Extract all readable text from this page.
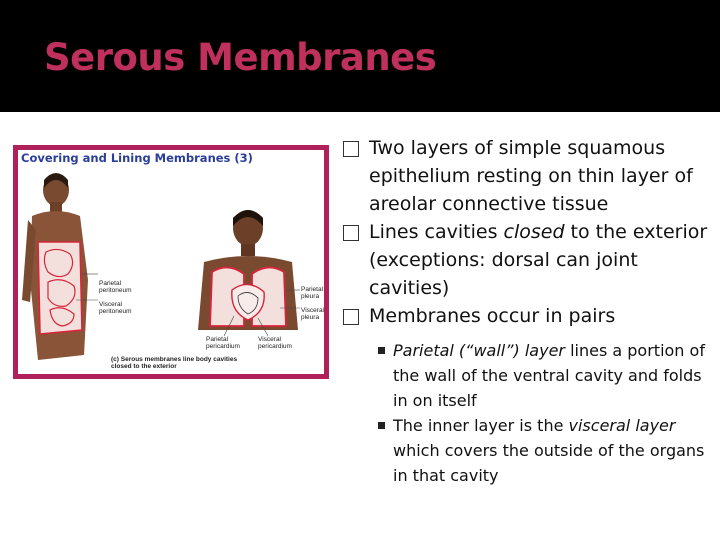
Serous Membranes
Covering and Lining Membranes (3)
Parietal
peritoneum
Visceral
peritoneum
Parietal
pleura
Visceral
pleura
Parietal
pericardium
Visceral
pericardium
(c) Serous membranes line body cavities
closed to the exterior
Two layers of simple squamous epithelium resting on thin layer of areolar connective tissue
Lines cavities closed to the exterior (exceptions: dorsal can joint cavities)
Membranes occur in pairs
Parietal (“wall”) layer lines a portion of the wall of the ventral cavity and folds in on itself
The inner layer is the visceral layer which covers the outside of the organs in that cavity
